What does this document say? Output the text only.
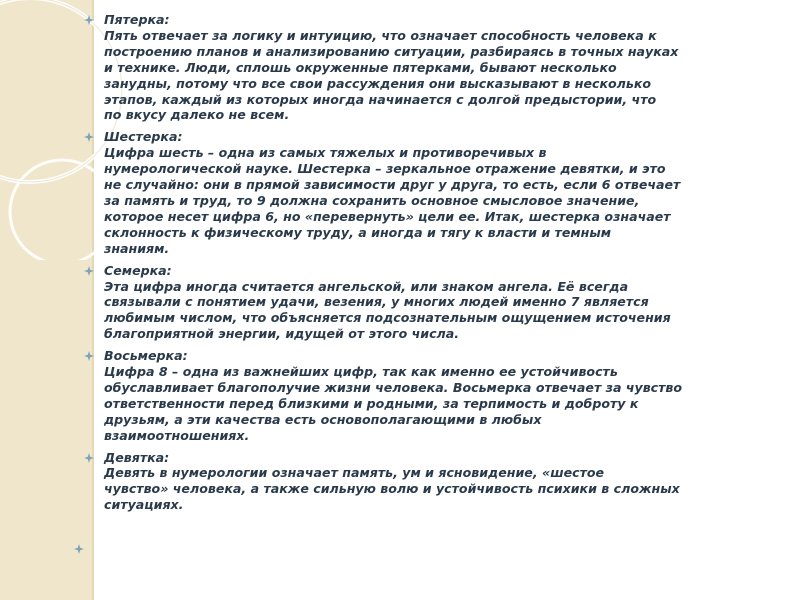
Пятерка:
Пять отвечает за логику и интуицию, что означает способность человека к
построению планов и анализированию ситуации, разбираясь в точных науках
и технике. Люди, сплошь окруженные пятерками, бывают несколько
занудны, потому что все свои рассуждения они высказывают в несколько
этапов, каждый из которых иногда начинается с долгой предыстории, что
по вкусу далеко не всем.
Шестерка:
Цифра шесть – одна из самых тяжелых и противоречивых в
нумерологической науке. Шестерка – зеркальное отражение девятки, и это
не случайно: они в прямой зависимости друг у друга, то есть, если 6 отвечает
за память и труд, то 9 должна сохранить основное смысловое значение,
которое несет цифра 6, но «перевернуть» цели ее. Итак, шестерка означает
склонность к физическому труду, а иногда и тягу к власти и темным
знаниям.
Семерка:
Эта цифра иногда считается ангельской, или знаком ангела. Её всегда
связывали с понятием удачи, везения, у многих людей именно 7 является
любимым числом, что объясняется подсознательным ощущением источения
благоприятной энергии, идущей от этого числа.
Восьмерка:
Цифра 8 – одна из важнейших цифр, так как именно ее устойчивость
обуславливает благополучие жизни человека. Восьмерка отвечает за чувство
ответственности перед близкими и родными, за терпимость и доброту к
друзьям, а эти качества есть основополагающими в любых
взаимоотношениях.
Девятка:
Девять в нумерологии означает память, ум и ясновидение, «шестое
чувство» человека, а также сильную волю и устойчивость психики в сложных
ситуациях.
